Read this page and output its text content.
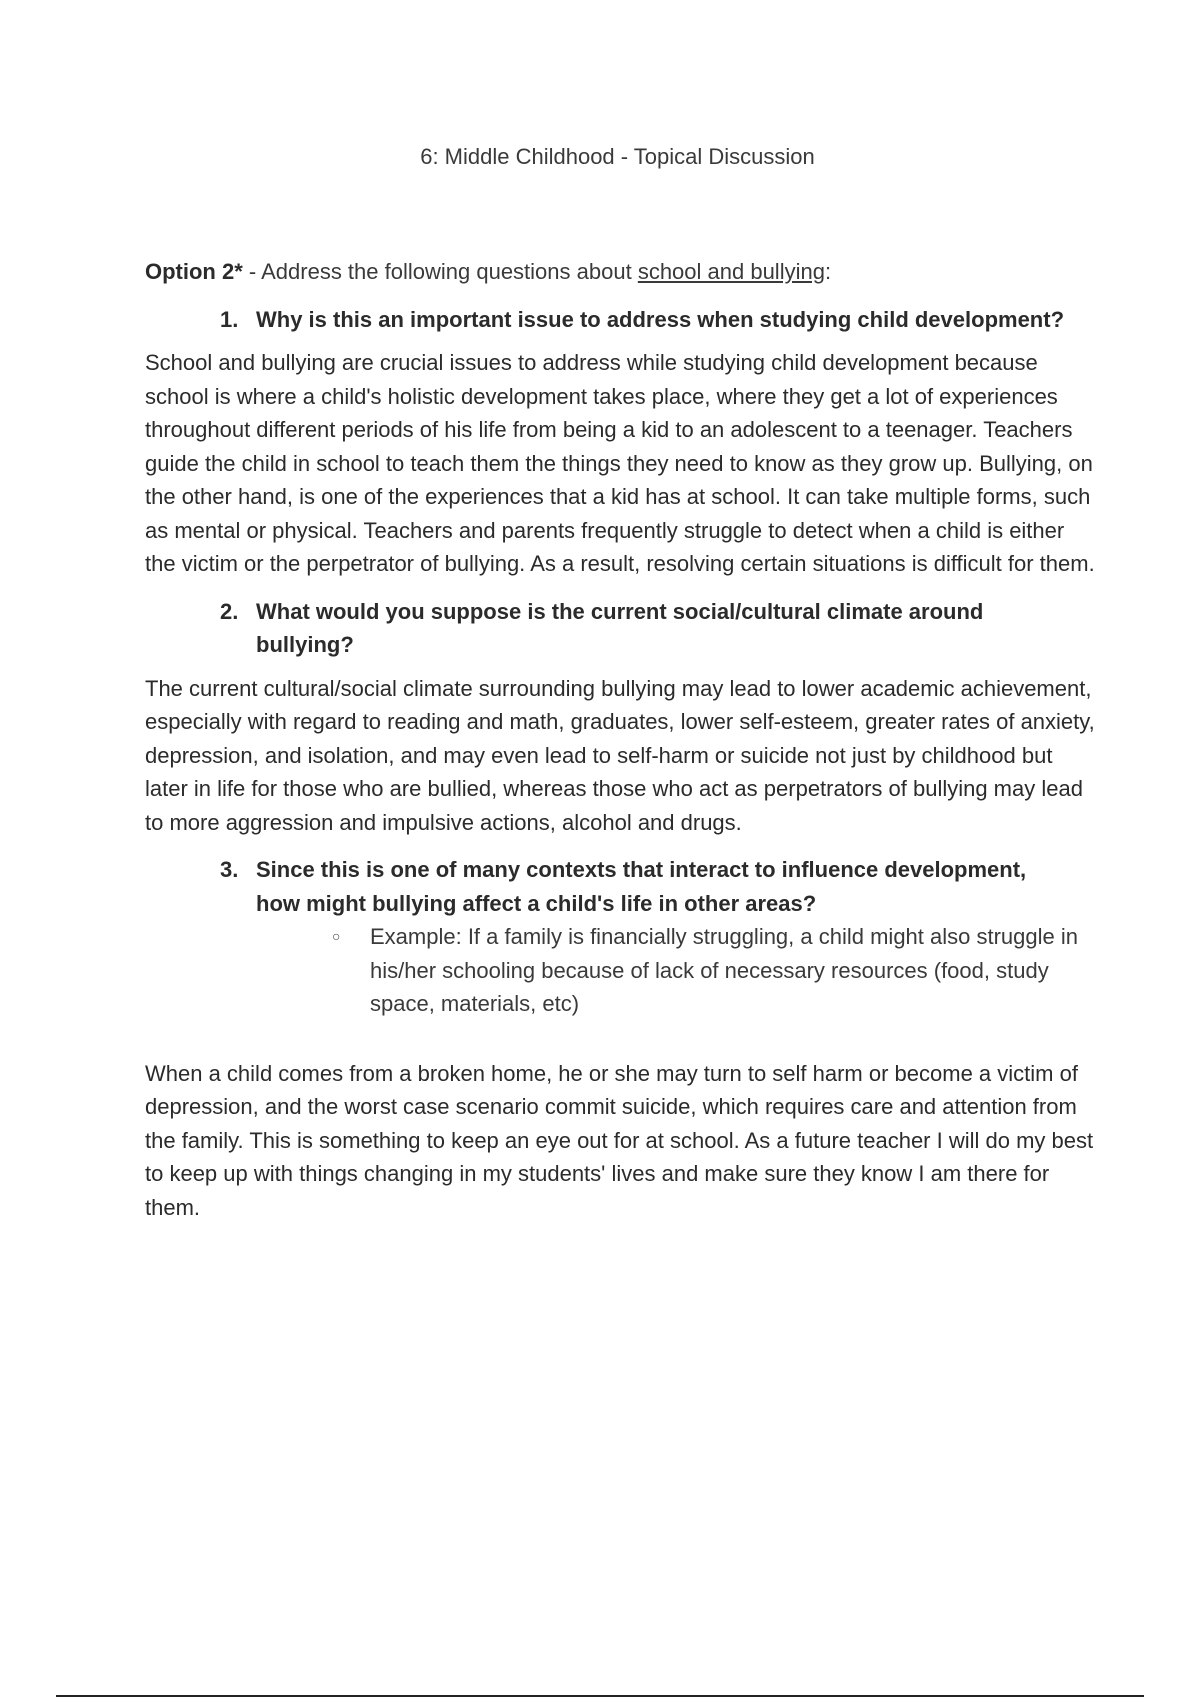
6: Middle Childhood - Topical Discussion

Option 2* - Address the following questions about school and bullying:

1. Why is this an important issue to address when studying child development?

School and bullying are crucial issues to address while studying child development because school is where a child's holistic development takes place, where they get a lot of experiences throughout different periods of his life from being a kid to an adolescent to a teenager. Teachers guide the child in school to teach them the things they need to know as they grow up. Bullying, on the other hand, is one of the experiences that a kid has at school. It can take multiple forms, such as mental or physical. Teachers and parents frequently struggle to detect when a child is either the victim or the perpetrator of bullying. As a result, resolving certain situations is difficult for them.

2. What would you suppose is the current social/cultural climate around bullying?

The current cultural/social climate surrounding bullying may lead to lower academic achievement, especially with regard to reading and math, graduates, lower self-esteem, greater rates of anxiety, depression, and isolation, and may even lead to self-harm or suicide not just by childhood but later in life for those who are bullied, whereas those who act as perpetrators of bullying may lead to more aggression and impulsive actions, alcohol and drugs.

3. Since this is one of many contexts that interact to influence development, how might bullying affect a child's life in other areas?
○	Example: If a family is financially struggling, a child might also struggle in his/her schooling because of lack of necessary resources (food, study space, materials, etc)

When a child comes from a broken home, he or she may turn to self harm or become a victim of depression, and the worst case scenario commit suicide, which requires care and attention from the family. This is something to keep an eye out for at school. As a future teacher I will do my best to keep up with things changing in my students' lives and make sure they know I am there for them.
